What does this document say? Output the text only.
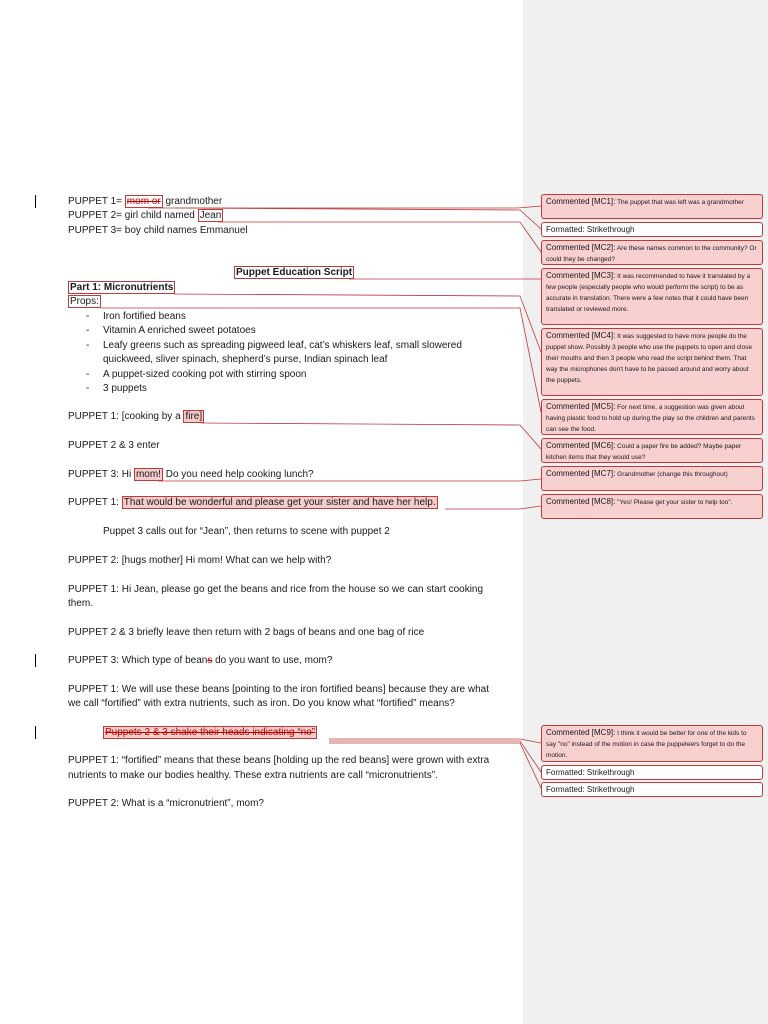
PUPPET 1= mom or grandmother
PUPPET 2= girl child named Jean
PUPPET 3= boy child names Emmanuel
Puppet Education Script
Part 1: Micronutrients
Props:
- Iron fortified beans
- Vitamin A enriched sweet potatoes
- Leafy greens such as spreading pigweed leaf, cat’s whiskers leaf, small slowered
quickweed, sliver spinach, shepherd’s purse, Indian spinach leaf
- A puppet-sized cooking pot with stirring spoon
- 3 puppets
PUPPET 1: [cooking by a fire]
PUPPET 2 & 3 enter
PUPPET 3: Hi mom! Do you need help cooking lunch?
PUPPET 1: That would be wonderful and please get your sister and have her help.
Puppet 3 calls out for “Jean”, then returns to scene with puppet 2
PUPPET 2: [hugs mother] Hi mom! What can we help with?
PUPPET 1: Hi Jean, please go get the beans and rice from the house so we can start cooking
them.
PUPPET 2 & 3 briefly leave then return with 2 bags of beans and one bag of rice
PUPPET 3: Which type of beans do you want to use, mom?
PUPPET 1: We will use these beans [pointing to the iron fortified beans] because they are what
we call “fortified” with extra nutrients, such as iron. Do you know what “fortified” means?
Puppets 2 & 3 shake their heads indicating “no”
PUPPET 1: “fortified” means that these beans [holding up the red beans] were grown with extra
nutrients to make our bodies healthy. These extra nutrients are call “micronutrients”.
PUPPET 2: What is a “micronutrient”, mom?
Commented [MC1]: The puppet that was left was a grandmother
Formatted: Strikethrough
Commented [MC2]: Are these names common to the community? Or could they be changed?
Commented [MC3]: It was recommended to have it translated by a few people (especially people who would perform the script) to be as accurate in translation. There were a few notes that it could have been translated or reviewed more.
Commented [MC4]: It was suggested to have more people do the puppet show. Possibly 3 people who use the puppets to open and close their mouths and then 3 people who read the script behind them. That way the microphones don't have to be passed around and worry about the puppets.
Commented [MC5]: For next time, a suggestion was given about having plastic food to hold up during the play so the children and parents can see the food.
Commented [MC6]: Could a paper fire be added? Maybe paper kitchen items that they would use?
Commented [MC7]: Grandmother (change this throughout)
Commented [MC8]: "Yes! Please get your sister to help too".
Commented [MC9]: I think it would be better for one of the kids to say "no" instead of the motion in case the puppeteers forget to do the motion.
Formatted: Strikethrough
Formatted: Strikethrough
